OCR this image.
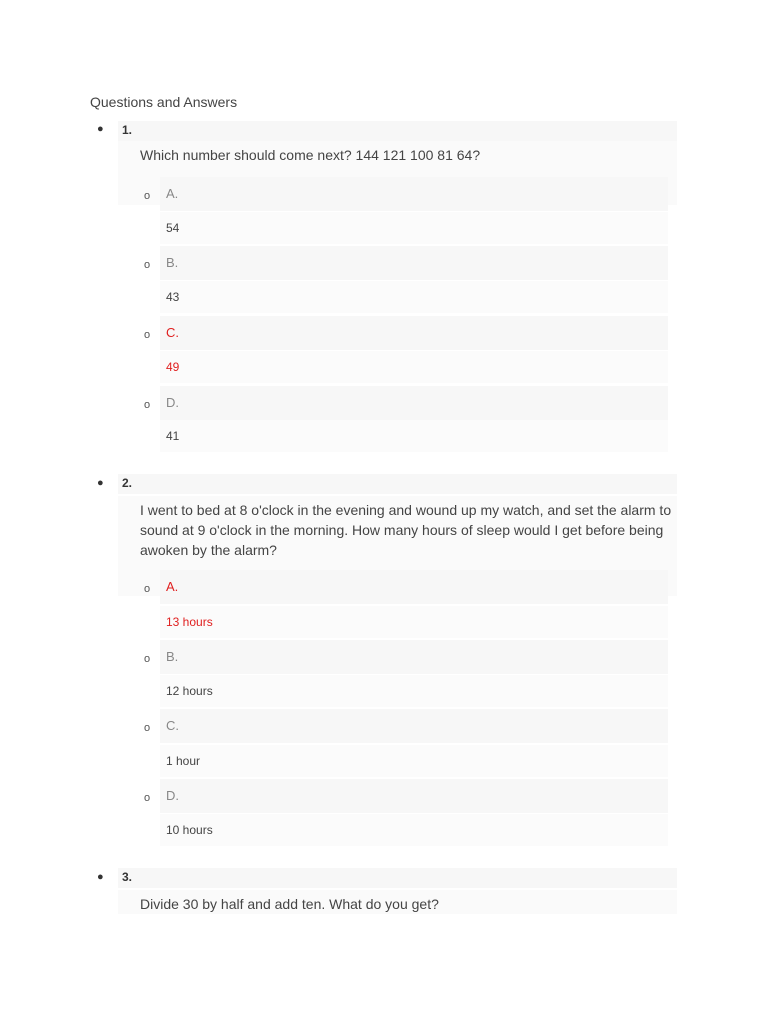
Questions and Answers
● 1.
Which number should come next? 144 121 100 81 64?
o A.
54
o B.
43
o C.
49
o D.
41
● 2.
I went to bed at 8 o'clock in the evening and wound up my watch, and set the alarm to sound at 9 o'clock in the morning. How many hours of sleep would I get before being awoken by the alarm?
o A.
13 hours
o B.
12 hours
o C.
1 hour
o D.
10 hours
● 3.
Divide 30 by half and add ten. What do you get?
